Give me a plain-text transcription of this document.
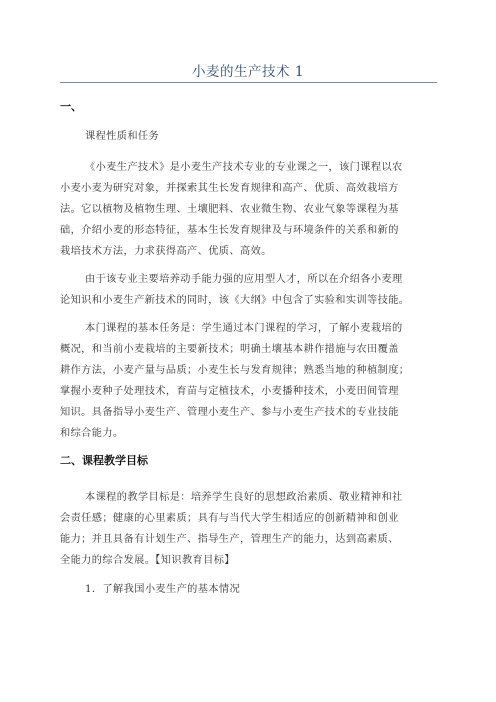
小麦的生产技术 1
一、
课程性质和任务
《小麦生产技术》是小麦生产技术专业的专业课之一，该门课程以农
小麦小麦为研究对象，并探索其生长发育规律和高产、优质、高效栽培方
法。它以植物及植物生理、土壤肥料、农业微生物、农业气象等课程为基
础，介绍小麦的形态特征，基本生长发育规律及与环境条件的关系和新的
栽培技术方法，力求获得高产、优质、高效。
由于该专业主要培养动手能力强的应用型人才，所以在介绍各小麦理
论知识和小麦生产新技术的同时，该《大纲》中包含了实验和实训等技能。
本门课程的基本任务是：学生通过本门课程的学习，了解小麦栽培的
概况，和当前小麦栽培的主要新技术；明确土壤基本耕作措施与农田覆盖
耕作方法，小麦产量与品质；小麦生长与发育规律；熟悉当地的种植制度；
掌握小麦种子处理技术，育苗与定植技术，小麦播种技术，小麦田间管理
知识。具备指导小麦生产、管理小麦生产、参与小麦生产技术的专业技能
和综合能力。
二、课程教学目标
本课程的教学目标是：培养学生良好的思想政治素质、敬业精神和社
会责任感；健康的心里素质；具有与当代大学生相适应的创新精神和创业
能力；并且具备有计划生产、指导生产，管理生产的能力，达到高素质、
全能力的综合发展。【知识教育目标】
1．了解我国小麦生产的基本情况
